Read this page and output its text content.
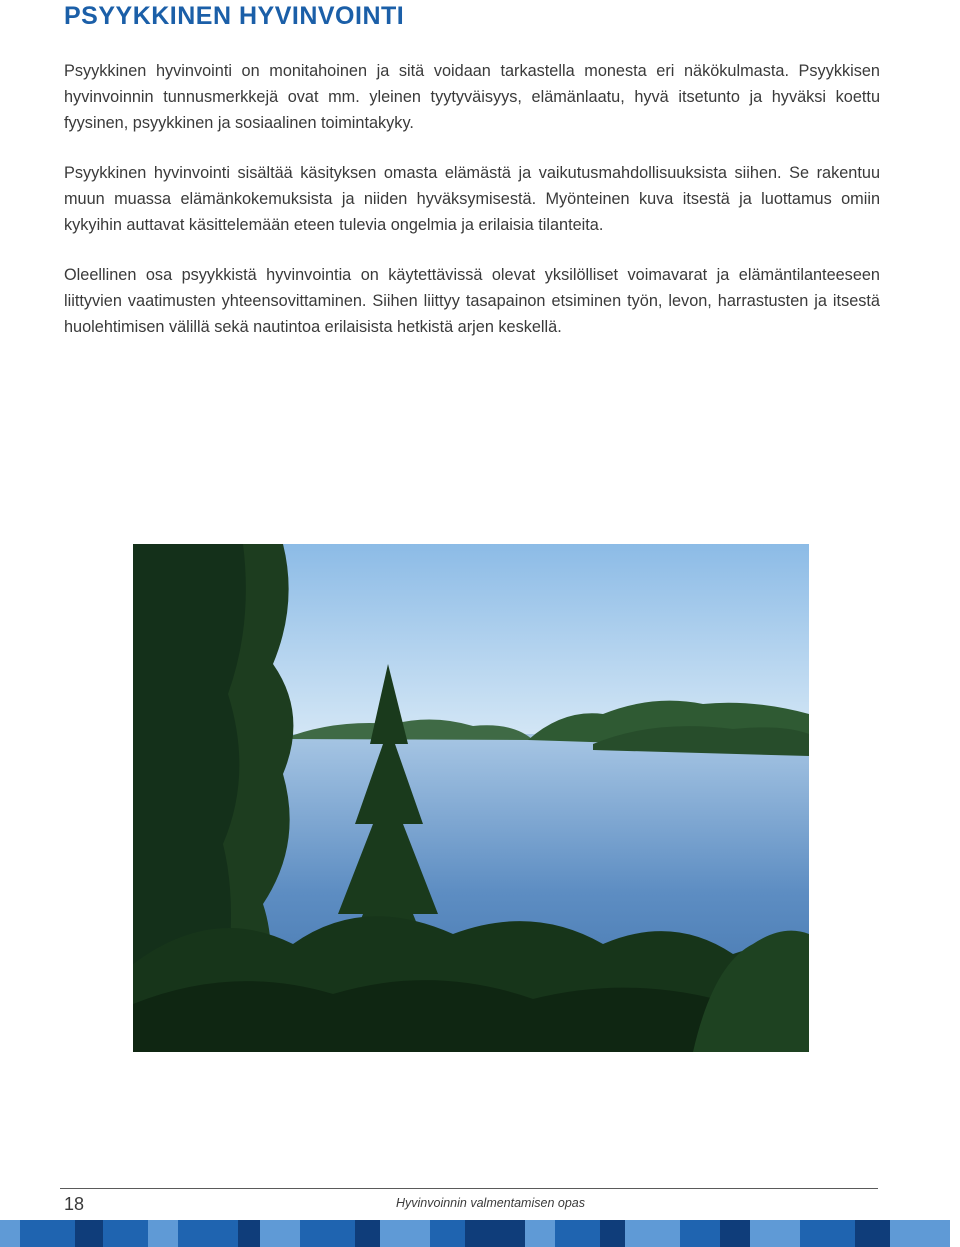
PSYYKKINEN HYVINVOINTI

Psyykkinen hyvinvointi on monitahoinen ja sitä voidaan tarkastella monesta eri näkökulmasta. Psyykkisen hyvinvoinnin tunnusmerkkejä ovat mm. yleinen tyytyväisyys, elämänlaatu, hyvä itsetunto ja hyväksi koettu fyysinen, psyykkinen ja sosiaalinen toimintakyky.

Psyykkinen hyvinvointi sisältää käsityksen omasta elämästä ja vaikutusmahdollisuuksista siihen. Se rakentuu muun muassa elämänkokemuksista ja niiden hyväksymisestä. Myönteinen kuva itsestä ja luottamus omiin kykyihin auttavat käsittelemään eteen tulevia ongelmia ja erilaisia tilanteita.

Oleellinen osa psyykkistä hyvinvointia on käytettävissä olevat yksilölliset voimavarat ja elämäntilanteeseen liittyvien vaatimusten yhteensovittaminen. Siihen liittyy tasapainon etsiminen työn, levon, harrastusten ja itsestä huolehtimisen välillä sekä nautintoa erilaisista hetkistä arjen keskellä.

18	Hyvinvoinnin valmentamisen opas
